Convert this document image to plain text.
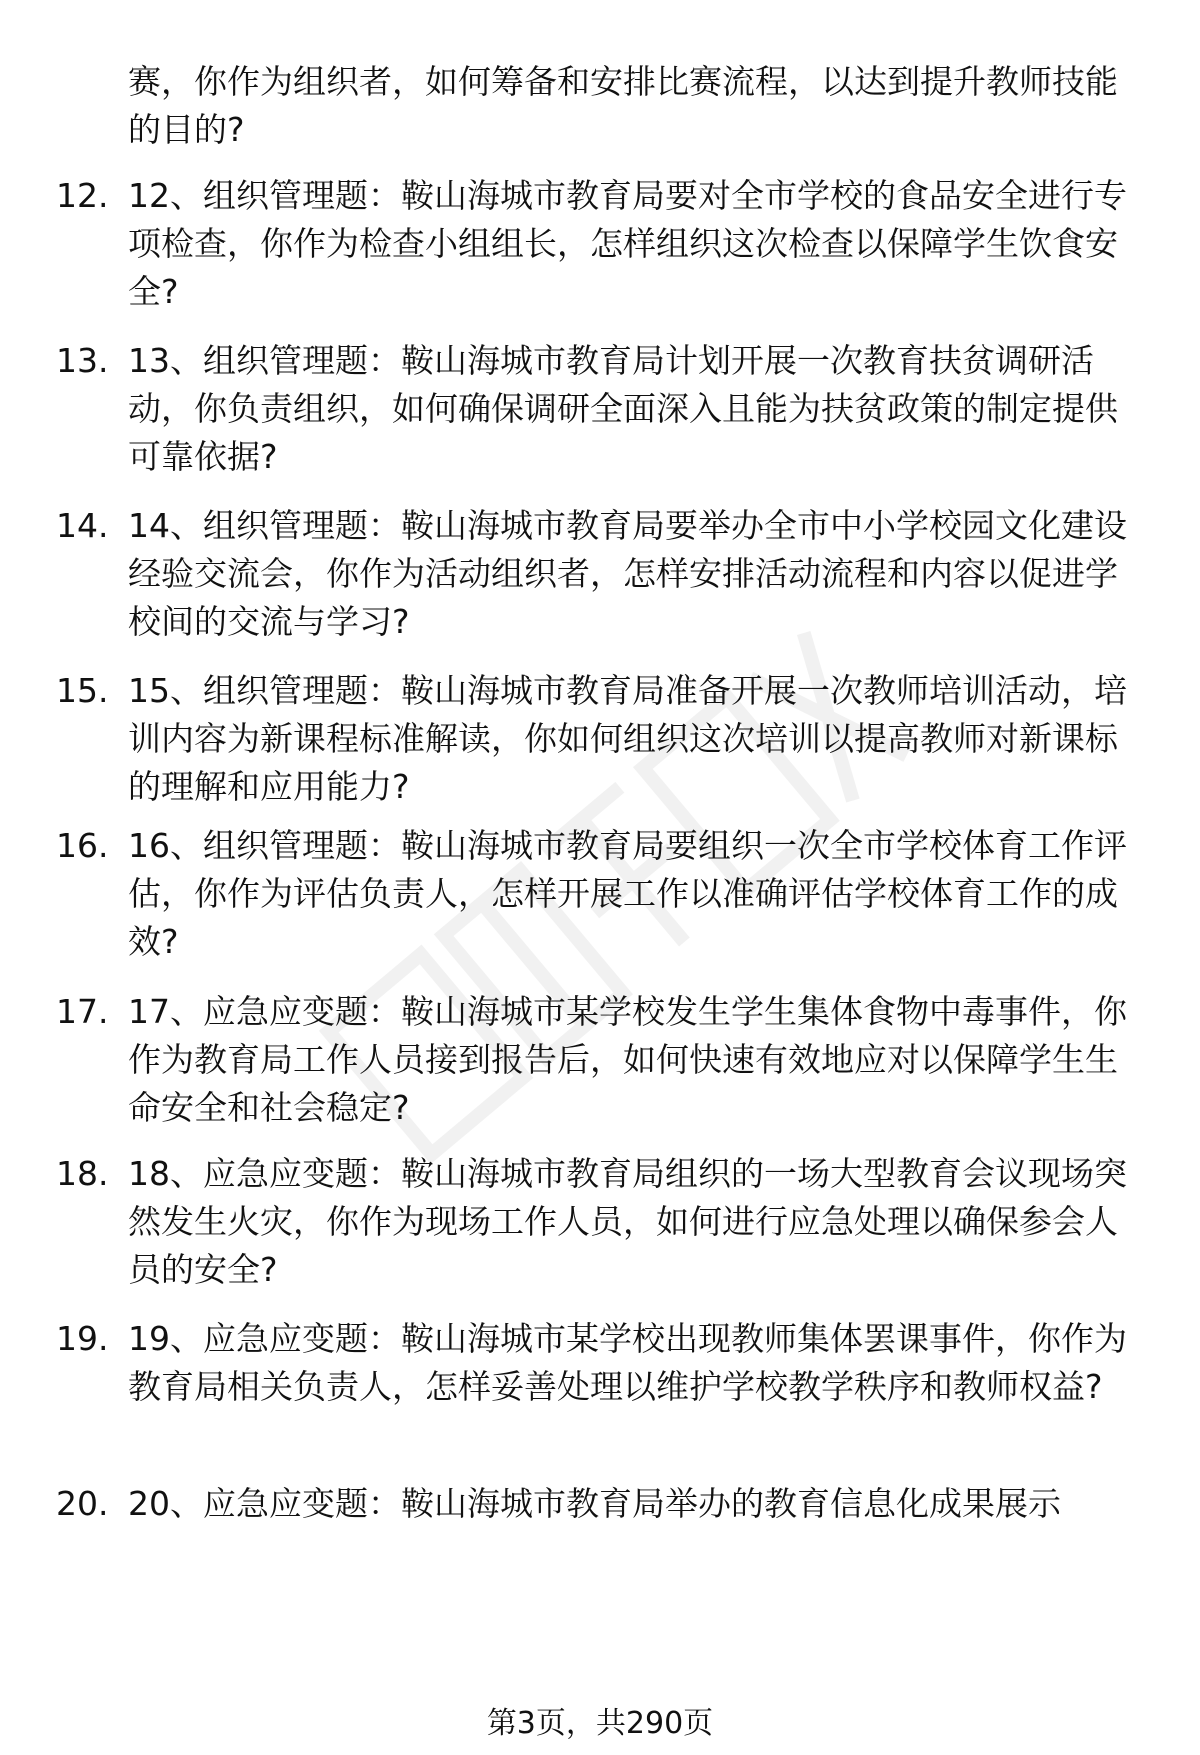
赛，你作为组织者，如何筹备和安排比赛流程，以达到提升教师技能的目的?

12. 12、组织管理题：鞍山海城市教育局要对全市学校的食品安全进行专项检查，你作为检查小组组长，怎样组织这次检查以保障学生饮食安全?
13. 13、组织管理题：鞍山海城市教育局计划开展一次教育扶贫调研活动，你负责组织，如何确保调研全面深入且能为扶贫政策的制定提供可靠依据?
14. 14、组织管理题：鞍山海城市教育局要举办全市中小学校园文化建设经验交流会，你作为活动组织者，怎样安排活动流程和内容以促进学校间的交流与学习?
15. 15、组织管理题：鞍山海城市教育局准备开展一次教师培训活动，培训内容为新课程标准解读，你如何组织这次培训以提高教师对新课标的理解和应用能力?
16. 16、组织管理题：鞍山海城市教育局要组织一次全市学校体育工作评估，你作为评估负责人，怎样开展工作以准确评估学校体育工作的成效?
17. 17、应急应变题：鞍山海城市某学校发生学生集体食物中毒事件，你作为教育局工作人员接到报告后，如何快速有效地应对以保障学生生命安全和社会稳定?
18. 18、应急应变题：鞍山海城市教育局组织的一场大型教育会议现场突然发生火灾，你作为现场工作人员，如何进行应急处理以确保参会人员的安全?
19. 19、应急应变题：鞍山海城市某学校出现教师集体罢课事件，你作为教育局相关负责人，怎样妥善处理以维护学校教学秩序和教师权益?
20. 20、应急应变题：鞍山海城市教育局举办的教育信息化成果展示
第3页，共290页
